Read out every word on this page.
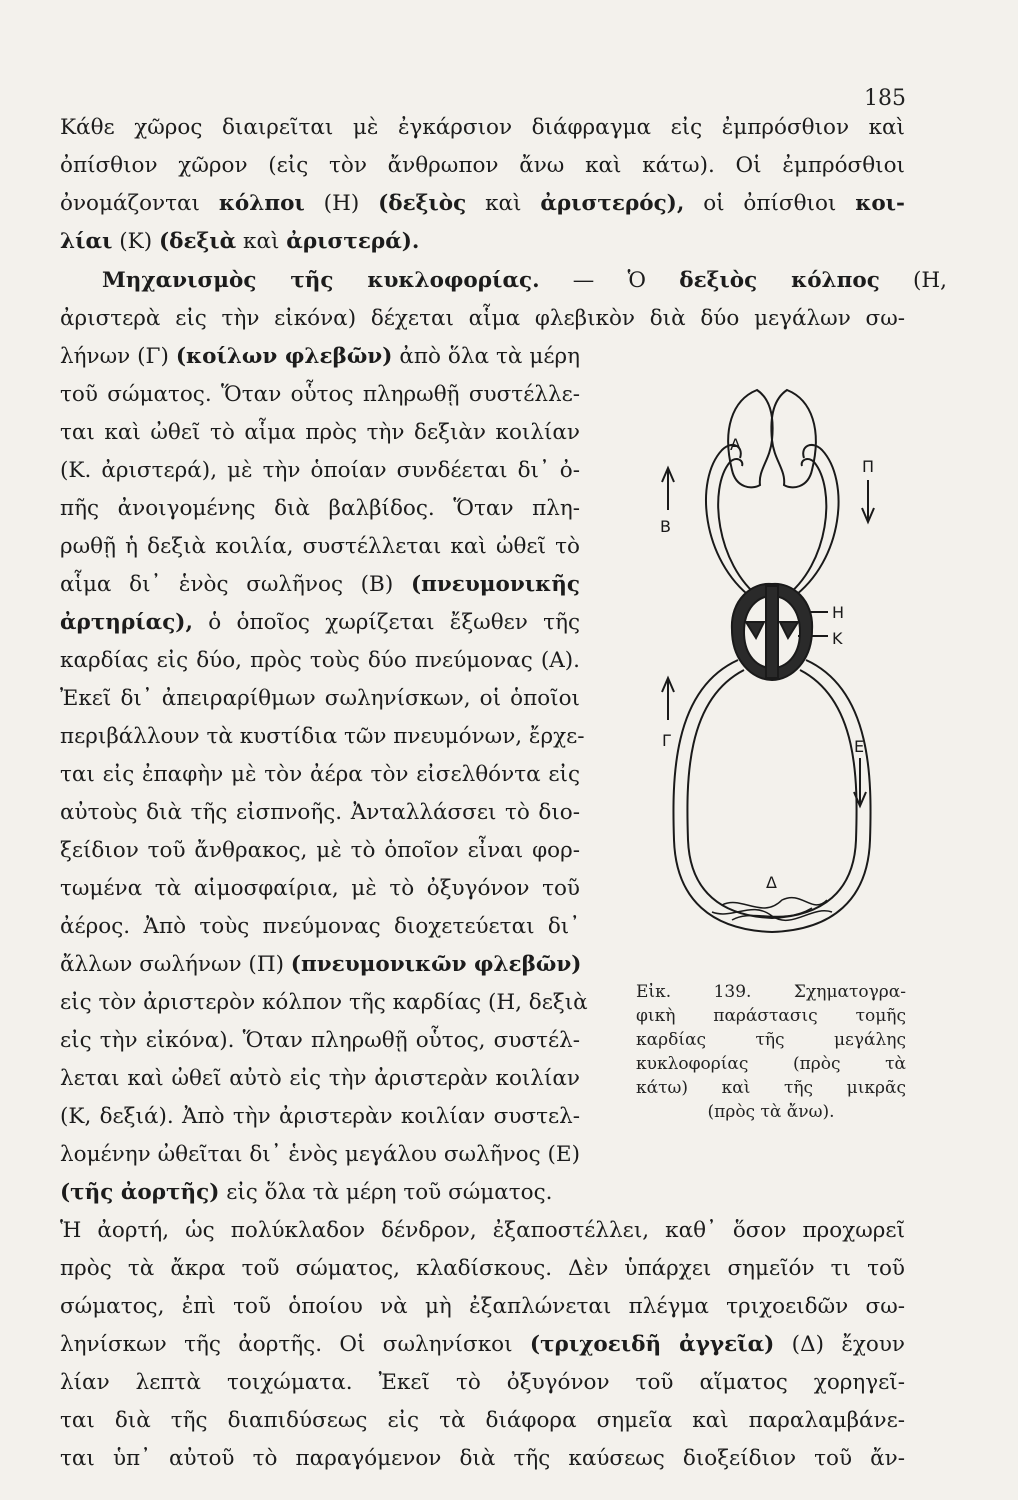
185
Κάθε χῶρος διαιρεῖται μὲ ἐγκάρσιον διάφραγμα εἰς ἐμπρόσθιον καὶ
ὀπίσθιον χῶρον (εἰς τὸν ἄνθρωπον ἄνω καὶ κάτω). Οἱ ἐμπρόσθιοι
ὀνομάζονται κόλποι (Η) (δεξιὸς καὶ ἀριστερός), οἱ ὀπίσθιοι κοι-
λίαι (Κ) (δεξιὰ καὶ ἀριστερά).
Μηχανισμὸς τῆς κυκλοφορίας. — Ὁ δεξιὸς κόλπος (Η,
ἀριστερὰ εἰς τὴν εἰκόνα) δέχεται αἷμα φλεβικὸν διὰ δύο μεγάλων σω-
λήνων (Γ) (κοίλων φλεβῶν) ἀπὸ ὅλα τὰ μέρη
τοῦ σώματος. Ὅταν οὗτος πληρωθῇ συστέλλε-
ται καὶ ὠθεῖ τὸ αἷμα πρὸς τὴν δεξιὰν κοιλίαν
(Κ. ἀριστερά), μὲ τὴν ὁποίαν συνδέεται δι᾽ ὀ-
πῆς ἀνοιγομένης διὰ βαλβίδος. Ὅταν πλη-
ρωθῇ ἡ δεξιὰ κοιλία, συστέλλεται καὶ ὠθεῖ τὸ
αἷμα δι᾽ ἑνὸς σωλῆνος (Β) (πνευμονικῆς
ἀρτηρίας), ὁ ὁποῖος χωρίζεται ἔξωθεν τῆς
καρδίας εἰς δύο, πρὸς τοὺς δύο πνεύμονας (Α).
Ἐκεῖ δι᾽ ἀπειραρίθμων σωληνίσκων, οἱ ὁποῖοι
περιβάλλουν τὰ κυστίδια τῶν πνευμόνων, ἔρχε-
ται εἰς ἐπαφὴν μὲ τὸν ἀέρα τὸν εἰσελθόντα εἰς
αὐτοὺς διὰ τῆς εἰσπνοῆς. Ἀνταλλάσσει τὸ διο-
ξείδιον τοῦ ἄνθρακος, μὲ τὸ ὁποῖον εἶναι φορ-
τωμένα τὰ αἱμοσφαίρια, μὲ τὸ ὀξυγόνον τοῦ
ἀέρος. Ἀπὸ τοὺς πνεύμονας διοχετεύεται δι᾽
ἄλλων σωλήνων (Π) (πνευμονικῶν φλεβῶν)
εἰς τὸν ἀριστερὸν κόλπον τῆς καρδίας (Η, δεξιὰ
εἰς τὴν εἰκόνα). Ὅταν πληρωθῇ οὗτος, συστέλ-
λεται καὶ ὠθεῖ αὐτὸ εἰς τὴν ἀριστερὰν κοιλίαν
(Κ, δεξιά). Ἀπὸ τὴν ἀριστερὰν κοιλίαν συστελ-
λομένην ὠθεῖται δι᾽ ἑνὸς μεγάλου σωλῆνος (Ε)
(τῆς ἀορτῆς) εἰς ὅλα τὰ μέρη τοῦ σώματος.
Ἡ ἀορτή, ὡς πολύκλαδον δένδρον, ἐξαποστέλλει, καθ᾽ ὅσον προχωρεῖ
πρὸς τὰ ἄκρα τοῦ σώματος, κλαδίσκους. Δὲν ὑπάρχει σημεῖόν τι τοῦ
σώματος, ἐπὶ τοῦ ὁποίου νὰ μὴ ἐξαπλώνεται πλέγμα τριχοειδῶν σω-
ληνίσκων τῆς ἀορτῆς. Οἱ σωληνίσκοι (τριχοειδῆ ἀγγεῖα) (Δ) ἔχουν
λίαν λεπτὰ τοιχώματα. Ἐκεῖ τὸ ὀξυγόνον τοῦ αἵματος χορηγεῖ-
ται διὰ τῆς διαπιδύσεως εἰς τὰ διάφορα σημεῖα καὶ παραλαμβάνε-
ται ὑπ᾽ αὐτοῦ τὸ παραγόμενον διὰ τῆς καύσεως διοξείδιον τοῦ ἄν-
Α
Π
Β
Η
Κ
Γ	Ε
Δ
Εἰκ. 139. Σχηματογρα-
φικὴ παράστασις τομῆς
καρδίας τῆς μεγάλης
κυκλοφορίας (πρὸς τὰ
κάτω) καὶ τῆς μικρᾶς
(πρὸς τὰ ἄνω).
